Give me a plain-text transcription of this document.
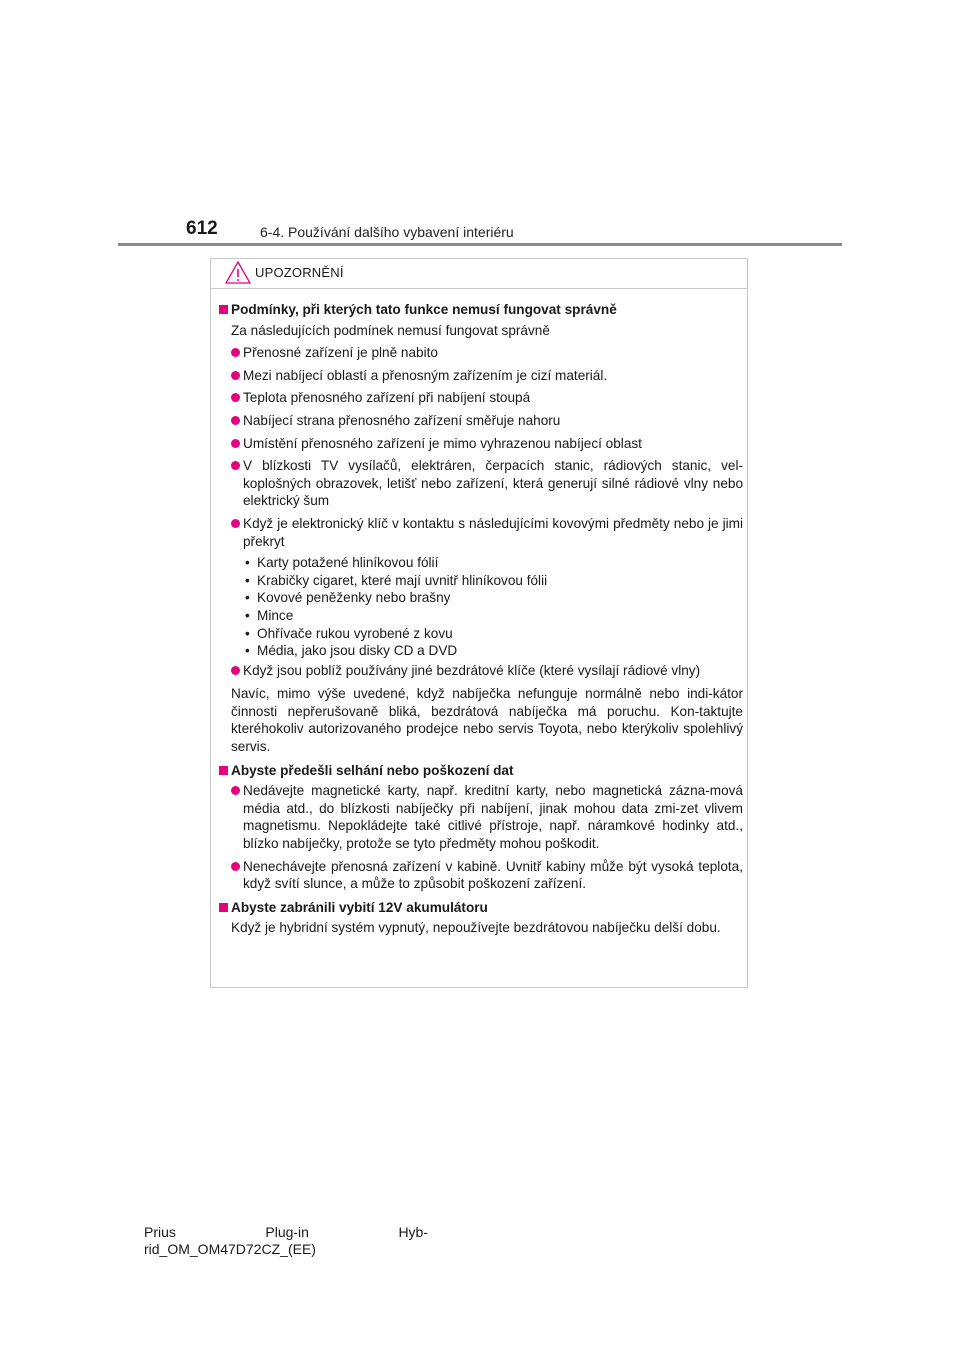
612	6-4. Používání dalšího vybavení interiéru
UPOZORNĚNÍ
Podmínky, při kterých tato funkce nemusí fungovat správně
Za následujících podmínek nemusí fungovat správně
Přenosné zařízení je plně nabito
Mezi nabíjecí oblastí a přenosným zařízením je cizí materiál.
Teplota přenosného zařízení při nabíjení stoupá
Nabíjecí strana přenosného zařízení směřuje nahoru
Umístění přenosného zařízení je mimo vyhrazenou nabíjecí oblast
V blízkosti TV vysílačů, elektráren, čerpacích stanic, rádiových stanic, vel-koplošných obrazovek, letišť nebo zařízení, která generují silné rádiové vlny nebo elektrický šum
Když je elektronický klíč v kontaktu s následujícími kovovými předměty nebo je jimi překryt
• Karty potažené hliníkovou fólií
• Krabičky cigaret, které mají uvnitř hliníkovou fólii
• Kovové peněženky nebo brašny
• Mince
• Ohřívače rukou vyrobené z kovu
• Média, jako jsou disky CD a DVD
Když jsou poblíž používány jiné bezdrátové klíče (které vysílají rádiové vlny)
Navíc, mimo výše uvedené, když nabíječka nefunguje normálně nebo indi-kátor činnosti nepřerušovaně bliká, bezdrátová nabíječka má poruchu. Kon-taktujte kteréhokoliv autorizovaného prodejce nebo servis Toyota, nebo kterýkoliv spolehlivý servis.
Abyste předešli selhání nebo poškození dat
Nedávejte magnetické karty, např. kreditní karty, nebo magnetická zázna-mová média atd., do blízkosti nabíječky při nabíjení, jinak mohou data zmi-zet vlivem magnetismu. Nepokládejte také citlivé přístroje, např. náramkové hodinky atd., blízko nabíječky, protože se tyto předměty mohou poškodit.
Nenechávejte přenosná zařízení v kabině. Uvnitř kabiny může být vysoká teplota, když svítí slunce, a může to způsobit poškození zařízení.
Abyste zabránili vybití 12V akumulátoru
Když je hybridní systém vypnutý, nepoužívejte bezdrátovou nabíječku delší dobu.
Prius	Plug-in	Hyb-
rid_OM_OM47D72CZ_(EE)
